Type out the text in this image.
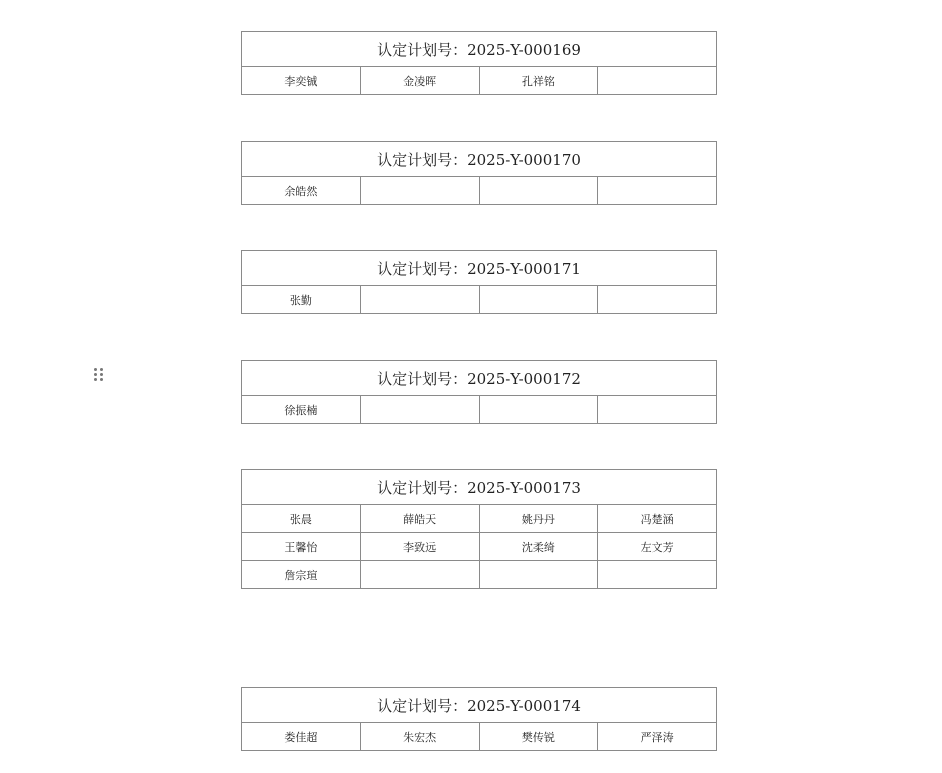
认定计划号：2025-Y-000169
李奕铖	金凌晖	孔祥铭	
认定计划号：2025-Y-000170
余皓然			
认定计划号：2025-Y-000171
张勤			
认定计划号：2025-Y-000172
徐振楠			
认定计划号：2025-Y-000173			
张晨	薛皓天	姚丹丹	冯楚涵
王馨怡	李致远	沈柔绮	左文芳
詹宗瑄			
认定计划号：2025-Y-000174
娄佳超	朱宏杰	樊传锐	严泽涛
